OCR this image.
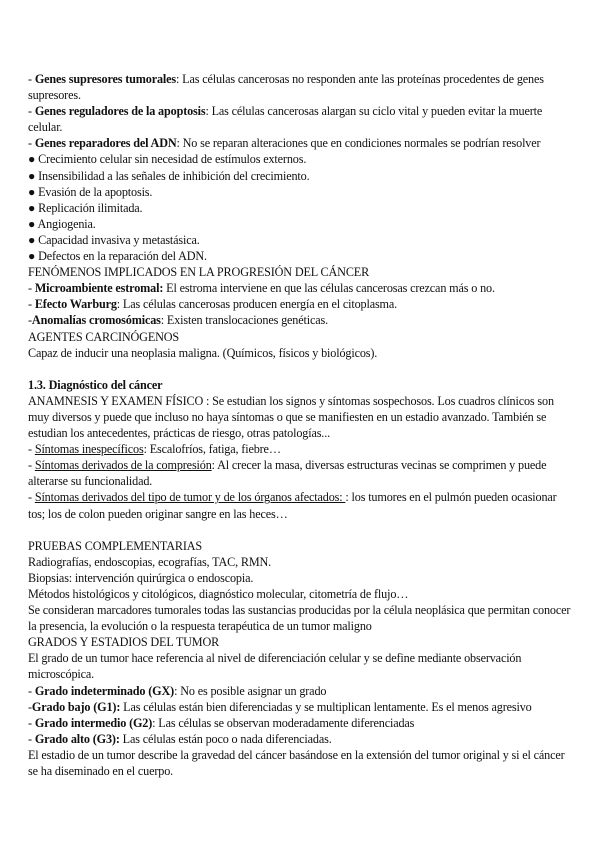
- Genes supresores tumorales: Las células cancerosas no responden ante las proteínas procedentes de genes supresores.

- Genes reguladores de la apoptosis: Las células cancerosas alargan su ciclo vital y pueden evitar la muerte celular.

- Genes reparadores del ADN: No se reparan alteraciones que en condiciones normales se podrían resolver

● Crecimiento celular sin necesidad de estímulos externos.

● Insensibilidad a las señales de inhibición del crecimiento.

● Evasión de la apoptosis.

● Replicación ilimitada.

● Angiogenia.

● Capacidad invasiva y metastásica.

● Defectos en la reparación del ADN.

FENÓMENOS IMPLICADOS EN LA PROGRESIÓN DEL CÁNCER

- Microambiente estromal: El estroma interviene en que las células cancerosas crezcan más o no.

- Efecto Warburg: Las células cancerosas producen energía en el citoplasma.

-Anomalías cromosómicas: Existen translocaciones genéticas.

AGENTES CARCINÓGENOS

Capaz de inducir una neoplasia maligna. (Químicos, físicos y biológicos).

1.3. Diagnóstico del cáncer

ANAMNESIS Y EXAMEN FÍSICO : Se estudian los signos y síntomas sospechosos. Los cuadros clínicos son muy diversos y puede que incluso no haya síntomas o que se manifiesten en un estadio avanzado. También se estudian los antecedentes, prácticas de riesgo, otras patologías...

- Síntomas inespecíficos: Escalofríos, fatiga, fiebre…

- Síntomas derivados de la compresión: Al crecer la masa, diversas estructuras vecinas se comprimen y puede alterarse su funcionalidad.

- Síntomas derivados del tipo de tumor y de los órganos afectados: : los tumores en el pulmón pueden ocasionar tos; los de colon pueden originar sangre en las heces…

PRUEBAS COMPLEMENTARIAS

Radiografías, endoscopias, ecografías, TAC, RMN.

Biopsias: intervención quirúrgica o endoscopia.

Métodos histológicos y citológicos, diagnóstico molecular, citometría de flujo…

Se consideran marcadores tumorales todas las sustancias producidas por la célula neoplásica que permitan conocer la presencia, la evolución o la respuesta terapéutica de un tumor maligno

GRADOS Y ESTADIOS DEL TUMOR

El grado de un tumor hace referencia al nivel de diferenciación celular y se define mediante observación microscópica.

- Grado indeterminado (GX): No es posible asignar un grado

-Grado bajo (G1): Las células están bien diferenciadas y se multiplican lentamente. Es el menos agresivo

- Grado intermedio (G2): Las células se observan moderadamente diferenciadas

- Grado alto (G3): Las células están poco o nada diferenciadas.

El estadio de un tumor describe la gravedad del cáncer basándose en la extensión del tumor original y si el cáncer se ha diseminado en el cuerpo.
